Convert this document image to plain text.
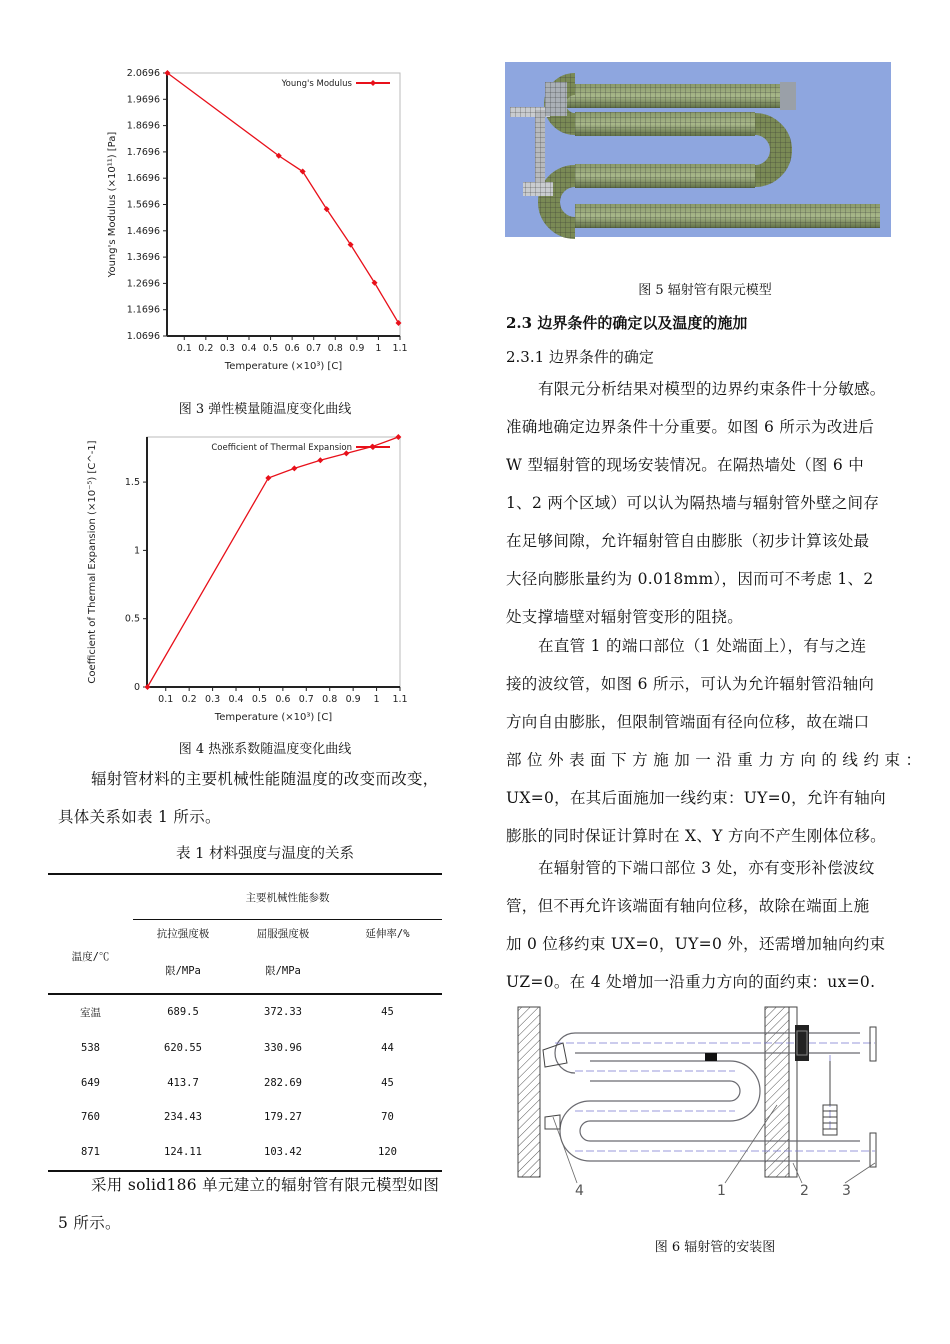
0.1 0.2 0.3 0.4 0.5 0.6 0.7 0.8 0.9 1 1.1
1.0696
1.1696
1.2696
1.3696
1.4696
1.5696
1.6696
1.7696
1.8696
1.9696
2.0696
Temperature (×10³) [C]
Young's Modulus (×10¹¹) [Pa]
Young's Modulus
图 3 弹性模量随温度变化曲线
0.1 0.2 0.3 0.4 0.5 0.6 0.7 0.8 0.9 1 1.1
0
0.5
1
1.5
Temperature (×10³) [C]
Coefficient of Thermal Expansion (×10⁻⁵) [C^-1]	Coefficient of Thermal Expansion
图 4 热涨系数随温度变化曲线
辐射管材料的主要机械性能随温度的改变而改变，
具体关系如表 1 所示。
表 1 材料强度与温度的关系
	主要机械性能参数
温度/℃	抗拉强度极	屈服强度极	延伸率/%
	限/MPa	限/MPa	
室温	689.5	372.33	45
538	620.55	330.96	44
649	413.7	282.69	45
760	234.43	179.27	70
871	124.11	103.42	120
采用 solid186 单元建立的辐射管有限元模型如图
5 所示。
图 5 辐射管有限元模型
2.3 边界条件的确定以及温度的施加
2.3.1 边界条件的确定
有限元分析结果对模型的边界约束条件十分敏感。
准确地确定边界条件十分重要。如图 6 所示为改进后
W 型辐射管的现场安装情况。在隔热墙处（图 6 中
1、2 两个区域）可以认为隔热墙与辐射管外壁之间存
在足够间隙，允许辐射管自由膨胀（初步计算该处最
大径向膨胀量约为 0.018mm），因而可不考虑 1、2
处支撑墙壁对辐射管变形的阻挠。
在直管 1 的端口部位（1 处端面上），有与之连
接的波纹管，如图 6 所示，可认为允许辐射管沿轴向
方向自由膨胀，但限制管端面有径向位移，故在端口
部 位 外 表 面 下 方 施 加 一 沿 重 力 方 向 的 线 约 束 ：
UX=0，在其后面施加一线约束：UY=0，允许有轴向
膨胀的同时保证计算时在 X、Y 方向不产生刚体位移。
在辐射管的下端口部位 3 处，亦有变形补偿波纹
管，但不再允许该端面有轴向位移，故除在端面上施
加 0 位移约束 UX=0，UY=0 外，还需增加轴向约束
UZ=0。在 4 处增加一沿重力方向的面约束：ux=0.
4	1	2 3
图 6 辐射管的安装图
